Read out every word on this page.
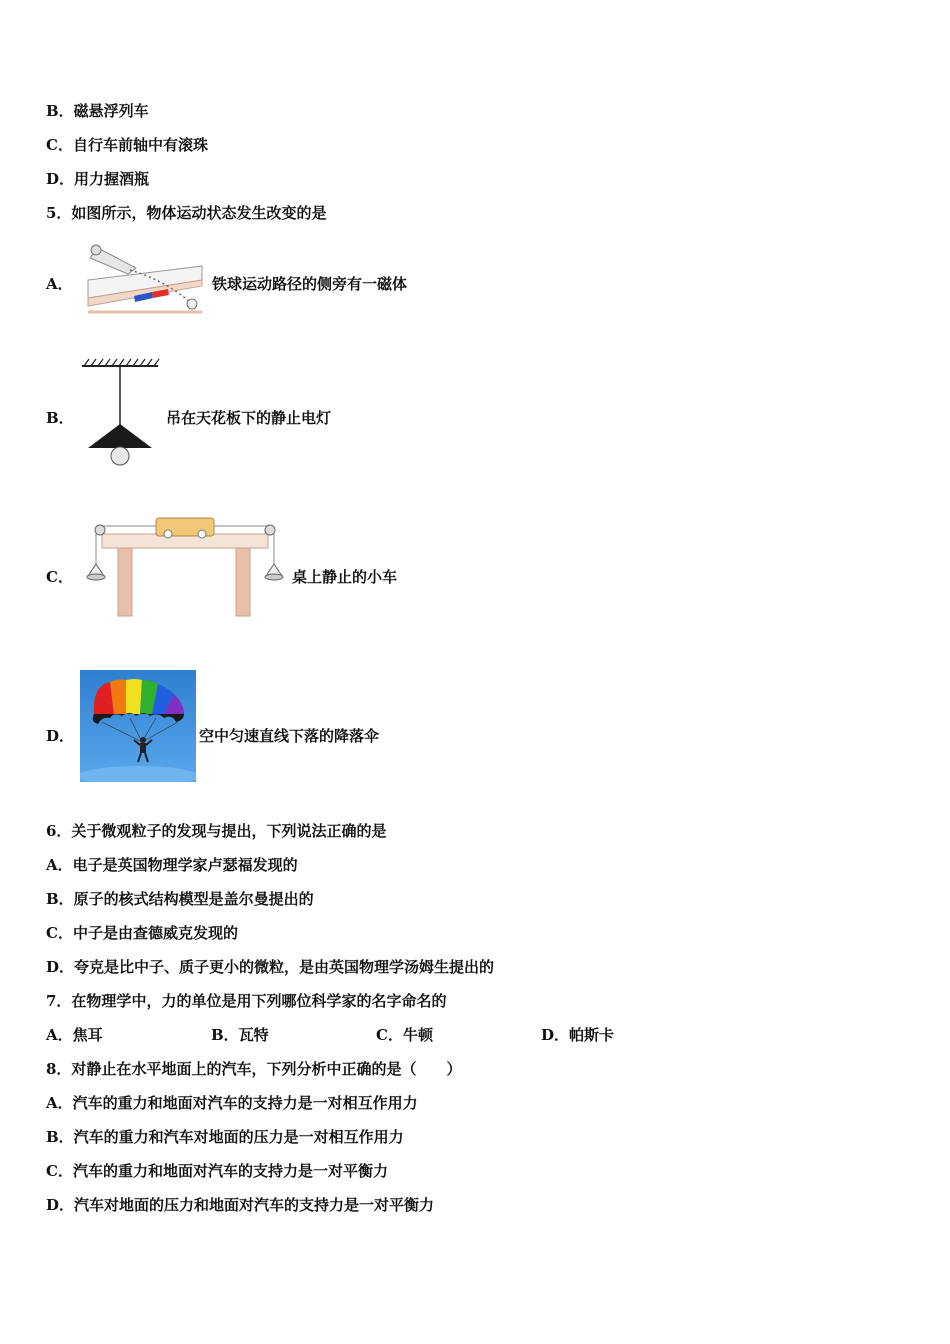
B．磁悬浮列车
C．自行车前轴中有滚珠
D．用力握酒瓶
5．如图所示，物体运动状态发生改变的是
A．	铁球运动路径的侧旁有一磁体
B．	吊在天花板下的静止电灯
C．	桌上静止的小车
D．	空中匀速直线下落的降落伞
6．关于微观粒子的发现与提出，下列说法正确的是
A．电子是英国物理学家卢瑟福发现的
B．原子的核式结构模型是盖尔曼提出的
C．中子是由查德威克发现的
D．夸克是比中子、质子更小的微粒，是由英国物理学汤姆生提出的
7．在物理学中，力的单位是用下列哪位科学家的名字命名的
A．焦耳	B．瓦特	C．牛顿	D．帕斯卡
8．对静止在水平地面上的汽车，下列分析中正确的是（　　）
A．汽车的重力和地面对汽车的支持力是一对相互作用力
B．汽车的重力和汽车对地面的压力是一对相互作用力
C．汽车的重力和地面对汽车的支持力是一对平衡力
D．汽车对地面的压力和地面对汽车的支持力是一对平衡力
